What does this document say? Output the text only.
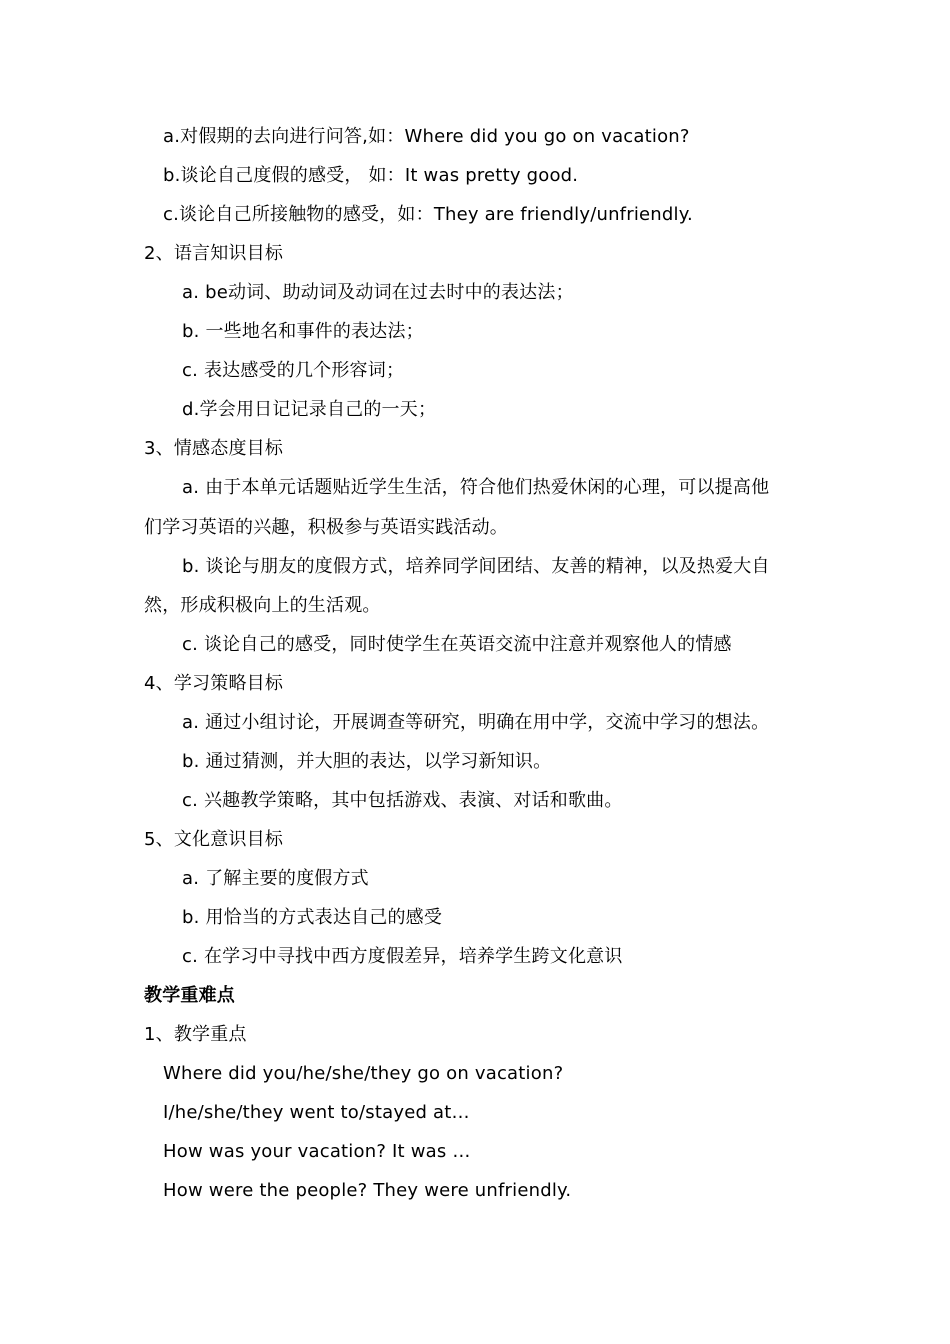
a.对假期的去向进行问答,如：Where did you go on vacation?
b.谈论自己度假的感受， 如：It was pretty good.
c.谈论自己所接触物的感受，如：They are friendly/unfriendly.
2、语言知识目标
a. be动词、助动词及动词在过去时中的表达法；
b. 一些地名和事件的表达法；
c. 表达感受的几个形容词；
d.学会用日记记录自己的一天；
3、情感态度目标
a. 由于本单元话题贴近学生生活，符合他们热爱休闲的心理，可以提高他
们学习英语的兴趣，积极参与英语实践活动。
b. 谈论与朋友的度假方式，培养同学间团结、友善的精神，以及热爱大自
然，形成积极向上的生活观。
c. 谈论自己的感受，同时使学生在英语交流中注意并观察他人的情感
4、学习策略目标
a. 通过小组讨论，开展调查等研究，明确在用中学，交流中学习的想法。
b. 通过猜测，并大胆的表达，以学习新知识。
c. 兴趣教学策略，其中包括游戏、表演、对话和歌曲。
5、文化意识目标
a. 了解主要的度假方式
b. 用恰当的方式表达自己的感受
c. 在学习中寻找中西方度假差异，培养学生跨文化意识
教学重难点
1、教学重点
Where did you/he/she/they go on vacation?
I/he/she/they went to/stayed at…
How was your vacation? It was …
How were the people? They were unfriendly.
